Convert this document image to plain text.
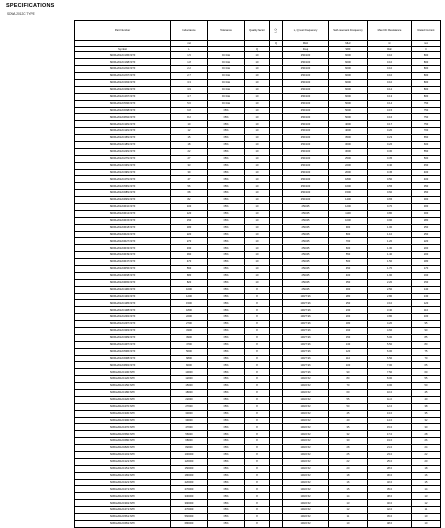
SPECIFICATIONS
SDWL2012C TYPE
Part Number	Inductance	Tolerance	Quality factor	L Q	L, Q test Frequency	Self-resonant Frequency	Max DC Resistance	Rated Current
	nH			Q	MHz	MHz	Ω	mA
Symbol	L		Q		Freq	SRF	Rdc	Ir
SDWL2012C1N5□STF	1.5	±0.3nH	10		250/100	6000	0.10	800
SDWL2012C1N8□STF	1.8	±0.3nH	10		250/100	6000	0.10	800
SDWL2012C2N2□STF	2.2	±0.3nH	10		250/100	6000	0.10	800
SDWL2012C2N7□STF	2.7	±0.3nH	10		250/100	6000	0.10	800
SDWL2012C3N3□STF	3.3	±0.3nH	10		250/100	6000	0.10	800
SDWL2012C3N9□STF	3.9	±0.3nH	10		250/100	6000	0.12	800
SDWL2012C4N7□STF	4.7	±0.3nH	10		250/100	6000	0.13	800
SDWL2012C5N6□STF	5.6	±0.3nH	10		250/100	5000	0.14	750
SDWL2012C6N8□STF	6.8	±5%	10		250/100	5000	0.15	750
SDWL2012C8N2□STF	8.2	±5%	10		250/100	5000	0.16	750
SDWL2012C10N□STF	10	±5%	10		250/100	4000	0.17	750
SDWL2012C12N□STF	12	±5%	10		250/100	4000	0.20	700
SDWL2012C15N□STF	15	±5%	10		250/100	3500	0.23	650
SDWL2012C18N□STF	18	±5%	10		250/100	3000	0.26	600
SDWL2012C22N□STF	22	±5%	10		250/100	3000	0.30	550
SDWL2012C27N□STF	27	±5%	10		250/100	2500	0.35	500
SDWL2012C33N□STF	33	±5%	10		250/100	2200	0.40	450
SDWL2012C39N□STF	39	±5%	10		250/100	2000	0.45	400
SDWL2012C47N□STF	47	±5%	10		250/100	1800	0.50	400
SDWL2012C56N□STF	56	±5%	10		250/100	1600	0.55	350
SDWL2012C68N□STF	68	±5%	10		250/100	1500	0.60	350
SDWL2012C82N□STF	82	±5%	10		250/100	1400	0.65	300
SDWL2012CR10□STF	100	±5%	10		250/25	1200	0.70	300
SDWL2012CR12□STF	120	±5%	10		250/25	1100	0.80	300
SDWL2012CR15□STF	150	±5%	10		250/25	1000	0.90	280
SDWL2012CR18□STF	180	±5%	10		250/25	900	1.00	250
SDWL2012CR22□STF	220	±5%	10		250/25	800	1.10	250
SDWL2012CR27□STF	270	±5%	10		250/25	700	1.20	220
SDWL2012CR33□STF	330	±5%	10		250/25	600	1.30	200
SDWL2012CR39□STF	390	±5%	10		250/25	550	1.40	200
SDWL2012CR47□STF	470	±5%	10		250/25	500	1.50	180
SDWL2012CR56□STF	560	±5%	10		250/25	450	1.70	170
SDWL2012CR68□STF	680	±5%	10		250/25	400	1.90	160
SDWL2012CR82□STF	820	±5%	10		250/25	350	2.20	150
SDWL2012C1R0□STF	1000	±5%	8		250/25	300	2.50	140
SDWL2012C1R2□STF	1200	±5%	8		100/7.96	280	2.80	130
SDWL2012C1R5□STF	1500	±5%	8		100/7.96	250	3.10	120
SDWL2012C1R8□STF	1800	±5%	8		100/7.96	230	3.40	110
SDWL2012C2R2□STF	2200	±5%	8		100/7.96	200	3.80	100
SDWL2012C2R7□STF	2700	±5%	8		100/7.96	180	4.20	95
SDWL2012C3R3□STF	3300	±5%	8		100/7.96	160	4.60	90
SDWL2012C3R9□STF	3900	±5%	8		100/7.96	150	5.00	85
SDWL2012C4R7□STF	4700	±5%	8		100/7.96	130	5.50	80
SDWL2012C5R6□STF	5600	±5%	8		100/7.96	120	6.00	75
SDWL2012C6R8□STF	6800	±5%	8		100/7.96	110	6.50	70
SDWL2012C8R2□STF	8200	±5%	8		100/7.96	100	7.00	65
SDWL2012C100□STF	10000	±5%	8		100/7.96	90	7.50	60
SDWL2012C120□STF	12000	±5%	8		100/2.52	80	8.00	55
SDWL2012C150□STF	15000	±5%	8		100/2.52	70	9.00	50
SDWL2012C180□STF	18000	±5%	8		100/2.52	60	10.0	45
SDWL2012C220□STF	22000	±5%	8		100/2.52	55	11.0	40
SDWL2012C270□STF	27000	±5%	8		100/2.52	50	12.0	38
SDWL2012C330□STF	33000	±5%	8		100/2.52	45	13.0	35
SDWL2012C390□STF	39000	±5%	8		100/2.52	40	14.0	32
SDWL2012C470□STF	47000	±5%	8		100/2.52	35	15.0	30
SDWL2012C560□STF	56000	±5%	8		100/2.52	32	17.0	28
SDWL2012C680□STF	68000	±5%	8		100/2.52	30	19.0	26
SDWL2012C820□STF	82000	±5%	8		100/2.52	28	21.0	24
SDWL2012C101□STF	100000	±5%	8		100/2.52	25	23.0	22
SDWL2012C121□STF	120000	±5%	8		100/2.52	22	25.0	20
SDWL2012C151□STF	150000	±5%	8		100/2.52	20	28.0	18
SDWL2012C181□STF	180000	±5%	8		100/2.52	18	30.0	16
SDWL2012C221□STF	220000	±5%	8		100/2.52	16	32.0	15
SDWL2012C271□STF	270000	±5%	8		100/2.52	15	35.0	14
SDWL2012C331□STF	330000	±5%	8		100/2.52	14	38.0	13
SDWL2012C391□STF	390000	±5%	8		100/2.52	13	40.0	12
SDWL2012C471□STF	470000	±5%	8		100/2.52	12	42.0	11
SDWL2012C561□STF	560000	±5%	8		100/2.52	11	45.0	10
SDWL2012C681□STF	680000	±5%	8		100/2.52	10	48.0	10
